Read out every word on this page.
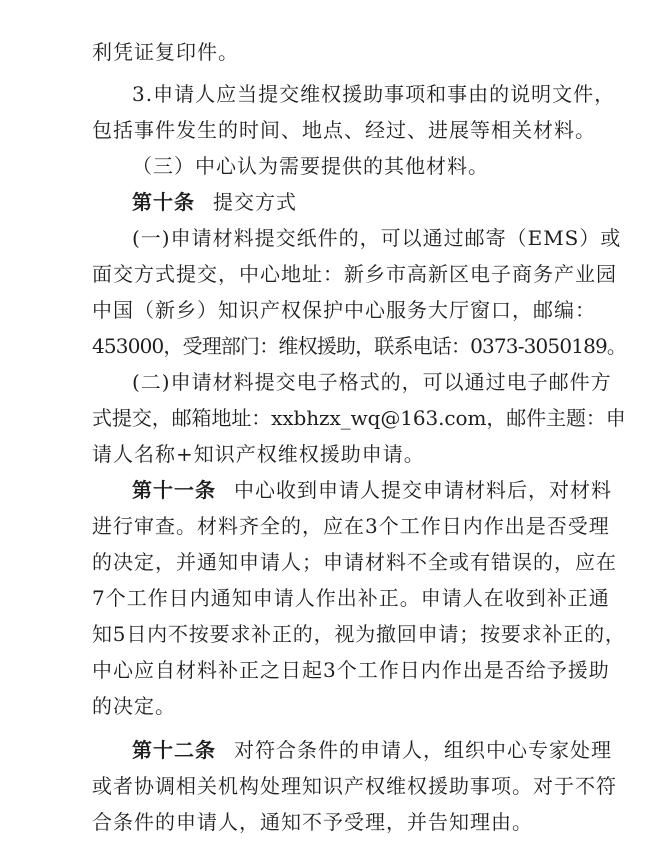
利凭证复印件。
3.申请人应当提交维权援助事项和事由的说明文件，
包括事件发生的时间、地点、经过、进展等相关材料。
（三）中心认为需要提供的其他材料。
第十条 提交方式
(一)申请材料提交纸件的，可以通过邮寄（EMS）或
面交方式提交，中心地址：新乡市高新区电子商务产业园
中国（新乡）知识产权保护中心服务大厅窗口，邮编：
453000，受理部门：维权援助，联系电话：0373-3050189。
(二)申请材料提交电子格式的，可以通过电子邮件方
式提交，邮箱地址：xxbhzx_wq@163.com，邮件主题：申
请人名称+知识产权维权援助申请。
第十一条 中心收到申请人提交申请材料后，对材料
进行审查。材料齐全的，应在3个工作日内作出是否受理
的决定，并通知申请人；申请材料不全或有错误的，应在
7个工作日内通知申请人作出补正。申请人在收到补正通
知5日内不按要求补正的，视为撤回申请；按要求补正的，
中心应自材料补正之日起3个工作日内作出是否给予援助
的决定。
第十二条 对符合条件的申请人，组织中心专家处理
或者协调相关机构处理知识产权维权援助事项。对于不符
合条件的申请人，通知不予受理，并告知理由。
